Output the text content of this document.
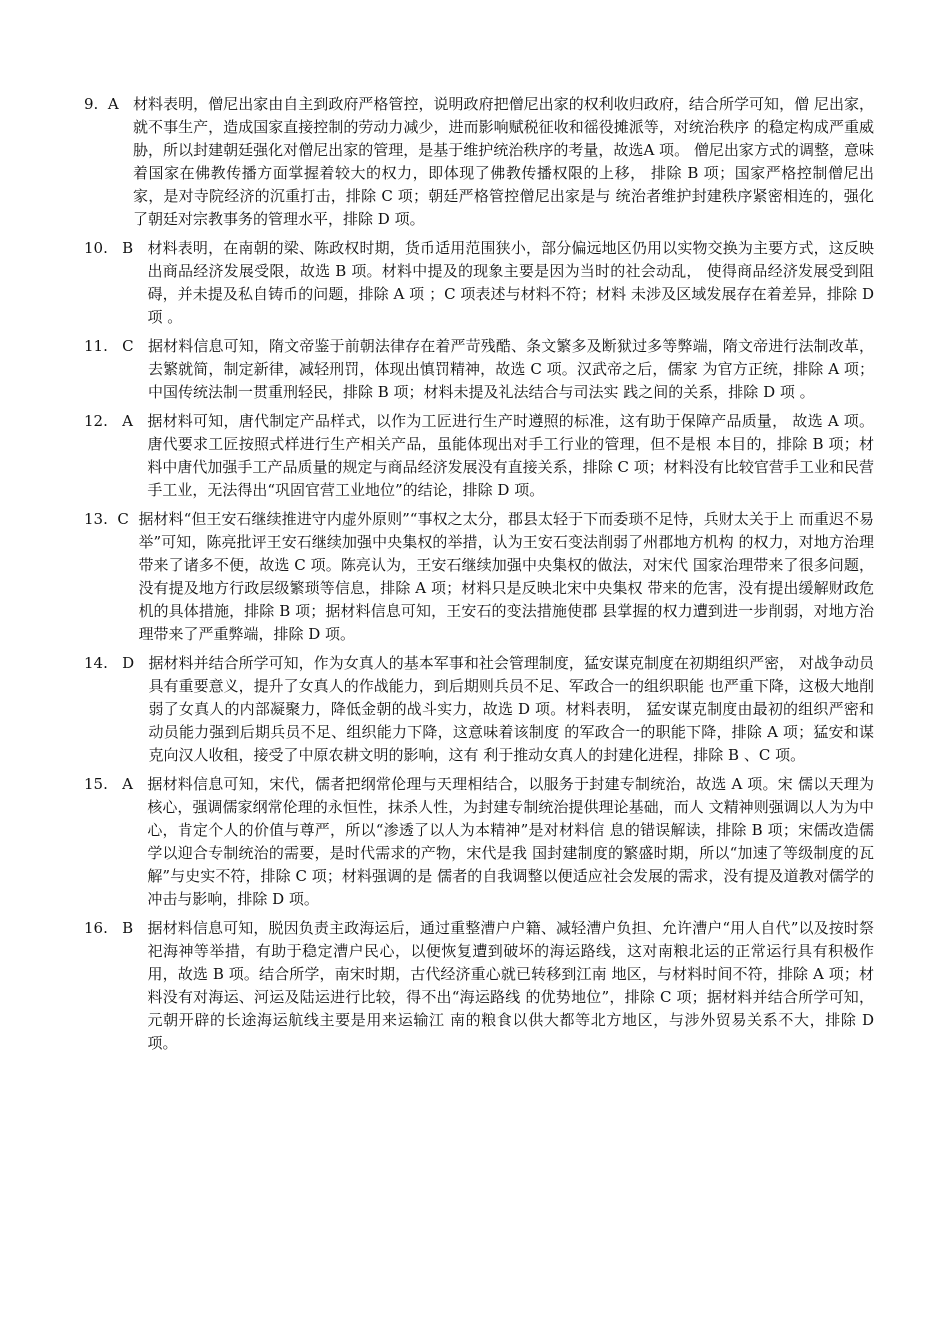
9. A 材料表明，僧尼出家由自主到政府严格管控，说明政府把僧尼出家的权利收归政府，结合所学可知，僧 尼出家，就不事生产，造成国家直接控制的劳动力减少，进而影响赋税征收和徭役摊派等，对统治秩序 的稳定构成严重威胁，所以封建朝廷强化对僧尼出家的管理，是基于维护统治秩序的考量，故选A 项。 僧尼出家方式的调整，意味着国家在佛教传播方面掌握着较大的权力，即体现了佛教传播权限的上移， 排除 B 项；国家严格控制僧尼出家，是对寺院经济的沉重打击，排除 C 项；朝廷严格管控僧尼出家是与 统治者维护封建秩序紧密相连的，强化了朝廷对宗教事务的管理水平，排除 D 项。
10. B 材料表明，在南朝的梁、陈政权时期，货币适用范围狭小，部分偏远地区仍用以实物交换为主要方式，这反映出商品经济发展受限，故选 B 项。材料中提及的现象主要是因为当时的社会动乱， 使得商品经济发展受到阻碍，并未提及私自铸币的问题，排除 A 项 ；C 项表述与材料不符；材料 未涉及区域发展存在着差异，排除 D 项 。
11. C 据材料信息可知，隋文帝鉴于前朝法律存在着严苛残酷、条文繁多及断狱过多等弊端，隋文帝进行法制改革，去繁就简，制定新律，减轻刑罚，体现出慎罚精神，故选 C 项。汉武帝之后，儒家 为官方正统，排除 A 项；中国传统法制一贯重刑轻民，排除 B 项；材料未提及礼法结合与司法实 践之间的关系，排除 D 项 。
12. A 据材料可知，唐代制定产品样式，以作为工匠进行生产时遵照的标准，这有助于保障产品质量， 故选 A 项。唐代要求工匠按照式样进行生产相关产品，虽能体现出对手工行业的管理，但不是根 本目的，排除 B 项；材料中唐代加强手工产品质量的规定与商品经济发展没有直接关系，排除 C 项；材料没有比较官营手工业和民营手工业，无法得出“巩固官营工业地位”的结论，排除 D 项。
13. C 据材料“但王安石继续推进守内虚外原则”“事权之太分，郡县太轻于下而委琐不足恃，兵财太关于上 而重迟不易举”可知，陈亮批评王安石继续加强中央集权的举措，认为王安石变法削弱了州郡地方机构 的权力，对地方治理带来了诸多不便，故选 C 项。陈亮认为，王安石继续加强中央集权的做法，对宋代 国家治理带来了很多问题，没有提及地方行政层级繁琐等信息，排除 A 项；材料只是反映北宋中央集权 带来的危害，没有提出缓解财政危机的具体措施，排除 B 项；据材料信息可知，王安石的变法措施使郡 县掌握的权力遭到进一步削弱，对地方治理带来了严重弊端，排除 D 项。
14. D 据材料并结合所学可知，作为女真人的基本军事和社会管理制度，猛安谋克制度在初期组织严密， 对战争动员具有重要意义，提升了女真人的作战能力，到后期则兵员不足、军政合一的组织职能 也严重下降，这极大地削弱了女真人的内部凝聚力，降低金朝的战斗实力，故选 D 项。材料表明， 猛安谋克制度由最初的组织严密和动员能力强到后期兵员不足、组织能力下降，这意味着该制度 的军政合一的职能下降，排除 A 项；猛安和谋克向汉人收租，接受了中原农耕文明的影响，这有 利于推动女真人的封建化进程，排除 B 、C 项。
15. A 据材料信息可知，宋代，儒者把纲常伦理与天理相结合，以服务于封建专制统治，故选 A 项。宋 儒以天理为核心，强调儒家纲常伦理的永恒性，抹杀人性，为封建专制统治提供理论基础，而人 文精神则强调以人为为中心，肯定个人的价值与尊严，所以“渗透了以人为本精神”是对材料信 息的错误解读，排除 B 项；宋儒改造儒学以迎合专制统治的需要，是时代需求的产物，宋代是我 国封建制度的繁盛时期，所以“加速了等级制度的瓦解”与史实不符，排除 C 项；材料强调的是 儒者的自我调整以便适应社会发展的需求，没有提及道教对儒学的冲击与影响，排除 D 项。
16. B 据材料信息可知，脱因负责主政海运后，通过重整漕户户籍、减轻漕户负担、允许漕户“用人自代”以及按时祭祀海神等举措，有助于稳定漕户民心，以便恢复遭到破坏的海运路线，这对南粮北运的正常运行具有积极作用，故选 B 项。结合所学，南宋时期，古代经济重心就已转移到江南 地区，与材料时间不符，排除 A 项；材料没有对海运、河运及陆运进行比较，得不出“海运路线 的优势地位”，排除 C 项；据材料并结合所学可知，元朝开辟的长途海运航线主要是用来运输江 南的粮食以供大都等北方地区，与涉外贸易关系不大，排除 D 项。
